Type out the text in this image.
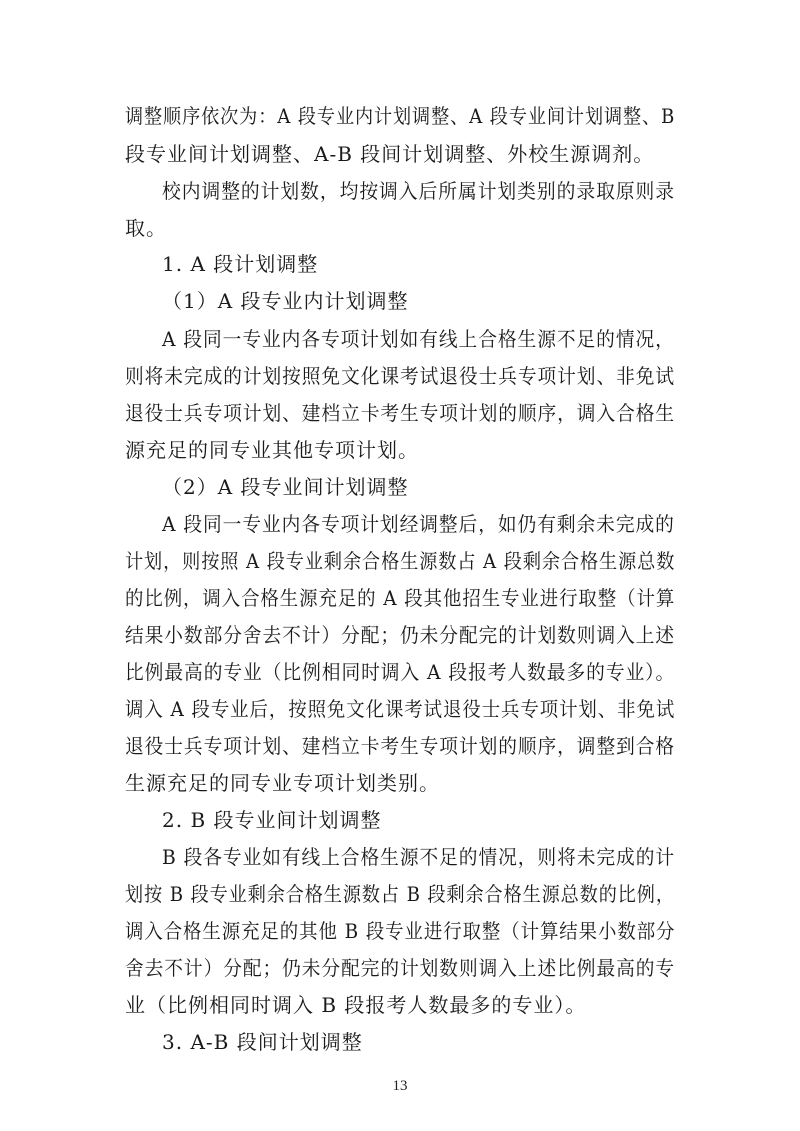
调整顺序依次为：A 段专业内计划调整、A 段专业间计划调整、B
段专业间计划调整、A-B 段间计划调整、外校生源调剂。
校内调整的计划数，均按调入后所属计划类别的录取原则录
取。
1. A 段计划调整
（1）A 段专业内计划调整
A 段同一专业内各专项计划如有线上合格生源不足的情况，
则将未完成的计划按照免文化课考试退役士兵专项计划、非免试
退役士兵专项计划、建档立卡考生专项计划的顺序，调入合格生
源充足的同专业其他专项计划。
（2）A 段专业间计划调整
A 段同一专业内各专项计划经调整后，如仍有剩余未完成的
计划，则按照 A 段专业剩余合格生源数占 A 段剩余合格生源总数
的比例，调入合格生源充足的 A 段其他招生专业进行取整（计算
结果小数部分舍去不计）分配；仍未分配完的计划数则调入上述
比例最高的专业（比例相同时调入 A 段报考人数最多的专业）。
调入 A 段专业后，按照免文化课考试退役士兵专项计划、非免试
退役士兵专项计划、建档立卡考生专项计划的顺序，调整到合格
生源充足的同专业专项计划类别。
2. B 段专业间计划调整
B 段各专业如有线上合格生源不足的情况，则将未完成的计
划按 B 段专业剩余合格生源数占 B 段剩余合格生源总数的比例，
调入合格生源充足的其他 B 段专业进行取整（计算结果小数部分
舍去不计）分配；仍未分配完的计划数则调入上述比例最高的专
业（比例相同时调入 B 段报考人数最多的专业）。
3. A-B 段间计划调整
13
